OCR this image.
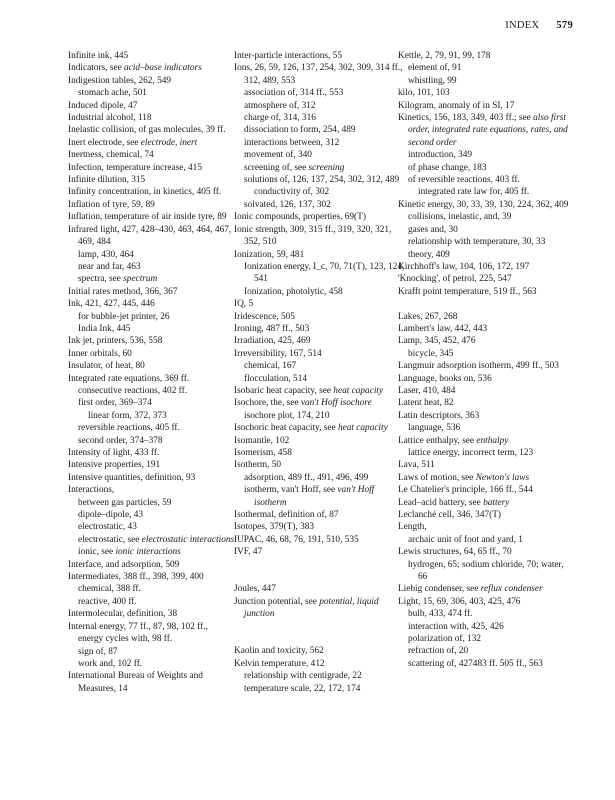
INDEX 579
Infinite ink, 445
Indicators, see acid–base indicators
Indigestion tables, 262, 549
stomach ache, 501
Induced dipole, 47
Industrial alcohol, 118
Inelastic collision, of gas molecules, 39 ff.
Inert electrode, see electrode, inert
Inertness, chemical, 74
Infection, temperature increase, 415
Infinite dilution, 315
Infinity concentration, in kinetics, 405 ff.
Inflation of tyre, 59, 89
Inflation, temperature of air inside tyre, 89
Infrared light, 427, 428–430, 463, 464, 467, 469, 484
lamp, 430, 464
near and far, 463
spectra, see spectrum
Initial rates method, 366, 367
Ink, 421, 427, 445, 446
for bubble-jet printer, 26
India Ink, 445
Ink jet, printers, 536, 558
Inner orbitals, 60
Insulator, of heat, 80
Integrated rate equations, 369 ff.
consecutive reactions, 402 ff.
first order, 369–374
linear form, 372, 373
reversible reactions, 405 ff.
second order, 374–378
Intensity of light, 433 ff.
Intensive properties, 191
Intensive quantities, definition, 93
Interactions,
between gas particles, 59
dipole–dipole, 43
electrostatic, 43
electrostatic, see electrostatic interactions
ionic, see ionic interactions
Interface, and adsorption, 509
Intermediates, 388 ff., 398, 399, 400
chemical, 388 ff.
reactive, 400 ff.
Intermolecular, definition, 38
Internal energy, 77 ff., 87, 98, 102 ff.,
energy cycles with, 98 ff.
sign of, 87
work and, 102 ff.
International Bureau of Weights and Measures, 14
Inter-particle interactions, 55
Ions, 26, 59, 126, 137, 254, 302, 309, 314 ff., 312, 489, 553
association of, 314 ff., 553
atmosphere of, 312
charge of, 314, 316
dissociation to form, 254, 489
interactions between, 312
movement of, 340
screening of, see screening
solutions of, 126, 137, 254, 302, 312, 489
conductivity of, 302
solvated, 126, 137, 302
Ionic compounds, properties, 69(T)
Ionic strength, 309, 315 ff., 319, 320, 321, 352, 510
Ionization, 59, 481
Ionization energy, I_c, 70, 71(T), 123, 124, 541
Ionization, photolytic, 458
IQ, 5
Iridescence, 505
Ironing, 487 ff., 503
Irradiation, 425, 469
Irreversibility, 167, 514
chemical, 167
flocculation, 514
Isobaric heat capacity, see heat capacity
Isochore, the, see van't Hoff isochore
isochore plot, 174, 210
Isochoric heat capacity, see heat capacity
Isomantle, 102
Isomerism, 458
Isotherm, 50
adsorption, 489 ff., 491, 496, 499
isotherm, van't Hoff, see van't Hoff isotherm
Isothermal, definition of, 87
Isotopes, 379(T), 383
IUPAC, 46, 68, 76, 191, 510, 535
IVF, 47
Joules, 447
Junction potential, see potential, liquid junction
Kaolin and toxicity, 562
Kelvin temperature, 412
relationship with centigrade, 22
temperature scale, 22, 172, 174
Kettle, 2, 79, 91, 99, 178
element of, 91
whistling, 99
kilo, 101, 103
Kilogram, anomaly of in SI, 17
Kinetics, 156, 183, 349, 403 ff.; see also first order, integrated rate equations, rates, and second order
introduction, 349
of phase change, 183
of reversible reactions, 403 ff.
integrated rate law for, 405 ff.
Kinetic energy, 30, 33, 39, 130, 224, 362, 409
collisions, inelastic, and, 39
gases and, 30
relationship with temperature, 30, 33
theory, 409
Kirchhoff's law, 104, 106, 172, 197
'Knocking', of petrol, 225, 547
Krafft point temperature, 519 ff., 563
Lakes, 267, 268
Lambert's law, 442, 443
Lamp, 345, 452, 476
bicycle, 345
Langmuir adsorption isotherm, 499 ff., 503
Language, books on, 536
Laser, 410, 484
Latent heat, 82
Latin descriptors, 363
language, 536
Lattice enthalpy, see enthalpy
lattice energy, incorrect term, 123
Lava, 511
Laws of motion, see Newton's laws
Le Chatelier's principle, 166 ff., 544
Lead–acid battery, see battery
Leclanché cell, 346, 347(T)
Length,
archaic unit of foot and yard, 1
Lewis structures, 64, 65 ff., 70
hydrogen, 65; sodium chloride, 70; water, 66
Liebig condenser, see reflux condenser
Light, 15, 69, 306, 403, 425, 476
bulb, 433, 474 ff.
interaction with, 425, 426
polarization of, 132
refraction of, 20
scattering of, 427483 ff. 505 ff., 563
